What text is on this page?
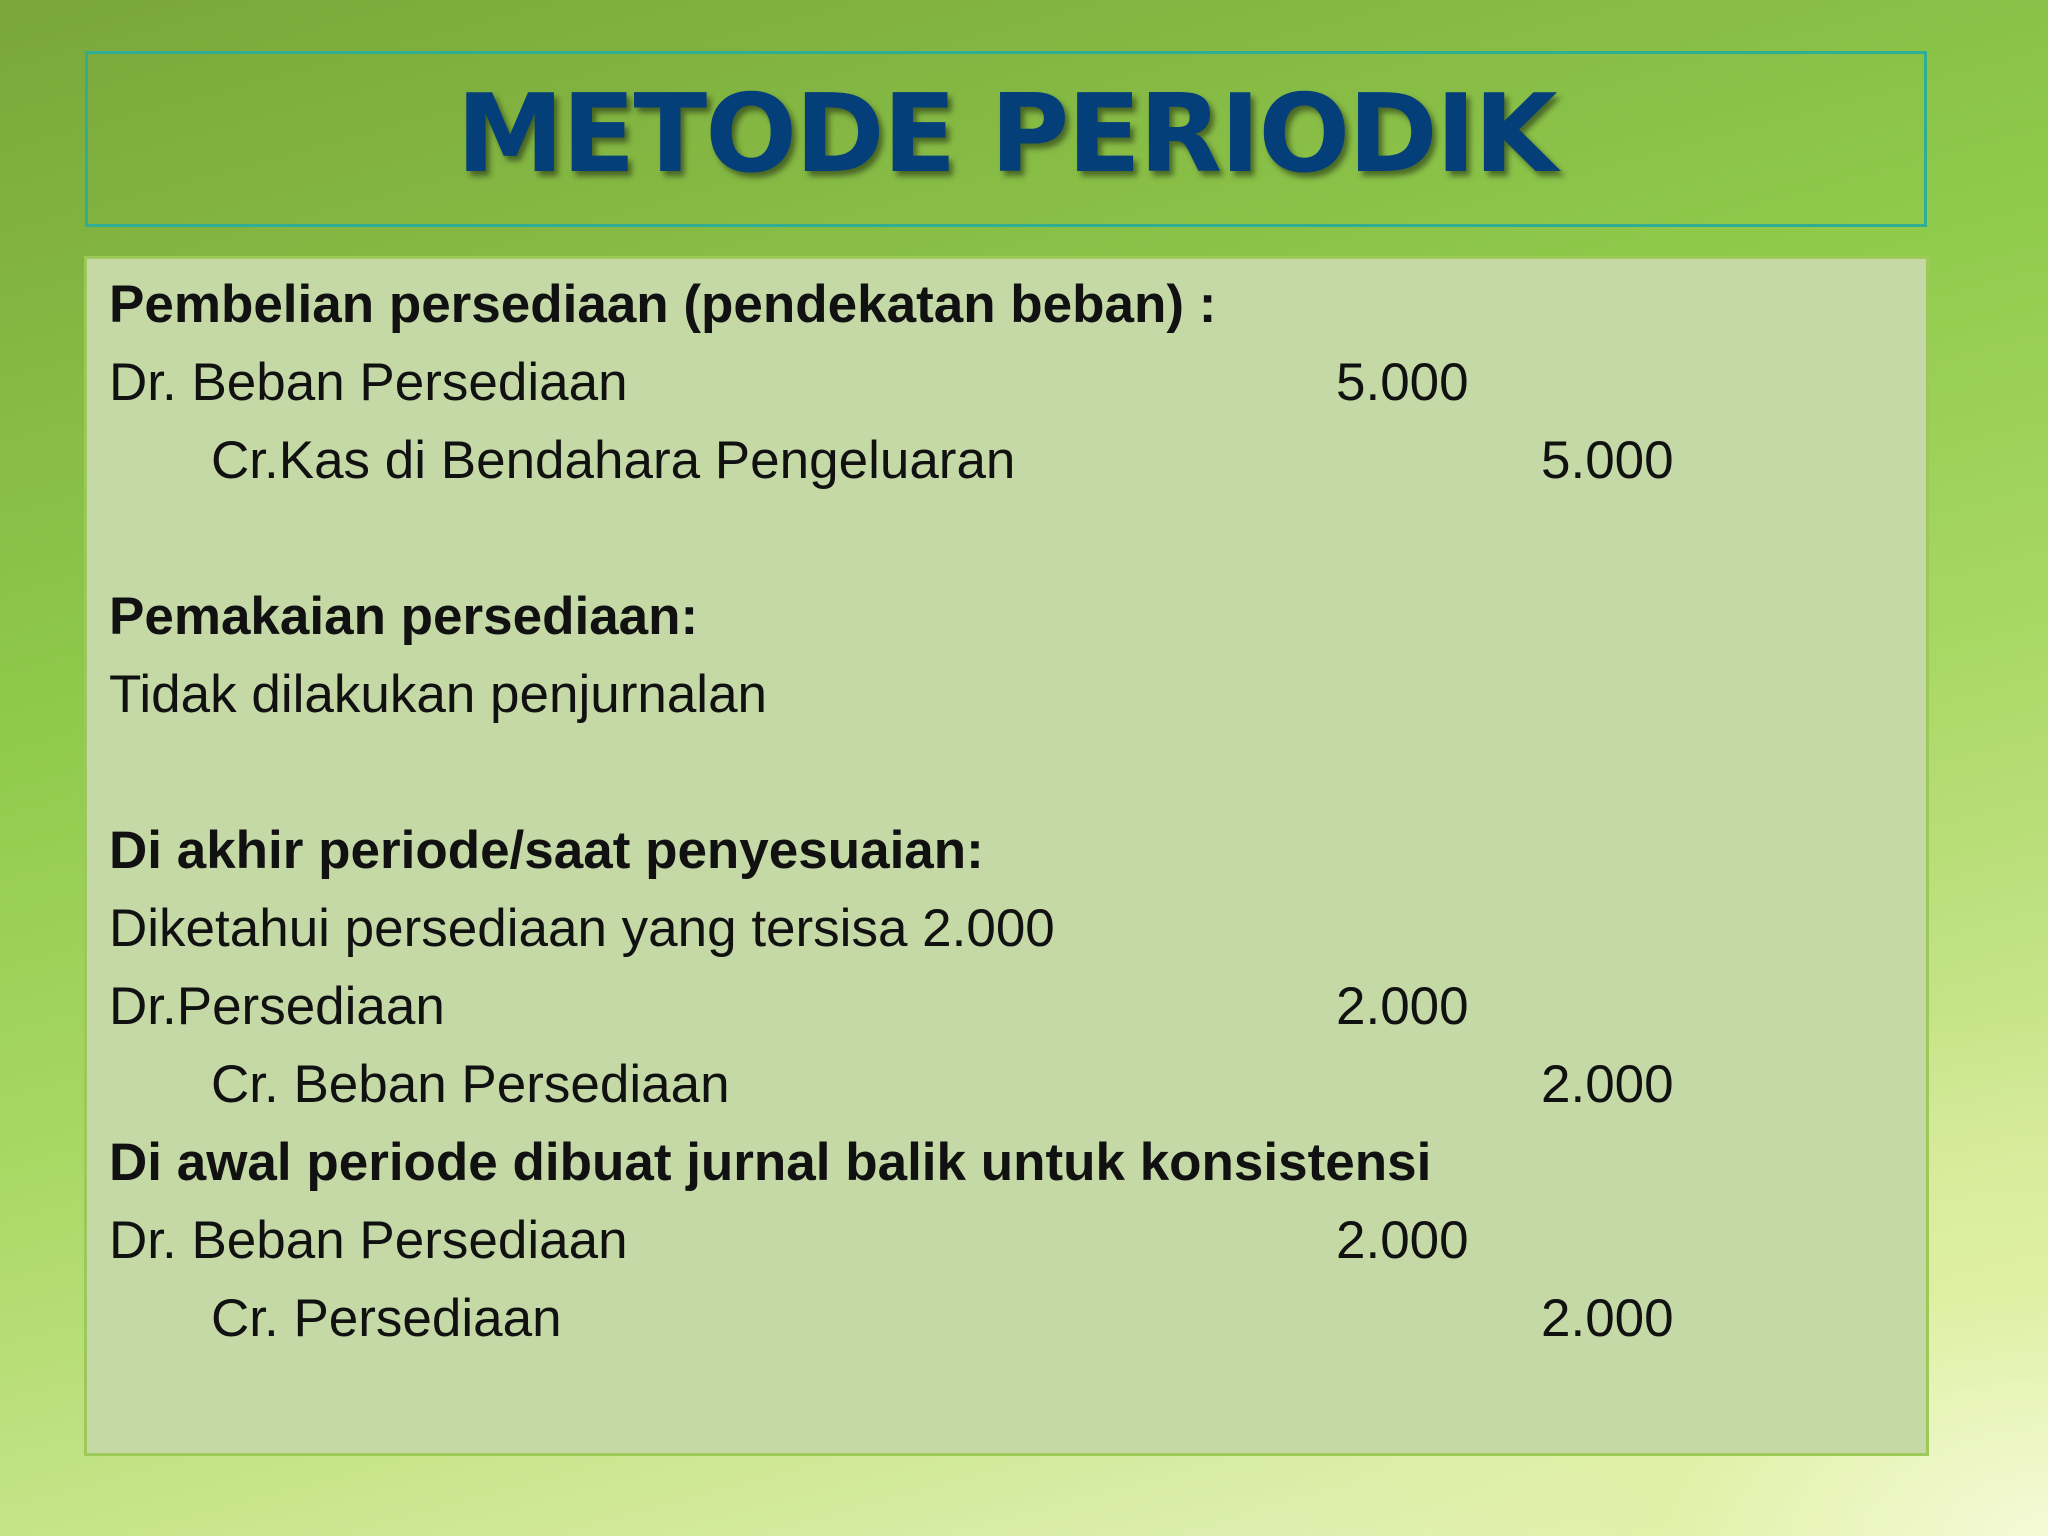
METODE PERIODIK
Pembelian persediaan (pendekatan beban) :
Dr. Beban Persediaan	5.000
Cr.Kas di Bendahara Pengeluaran	5.000
Pemakaian persediaan:
Tidak dilakukan penjurnalan
Di akhir periode/saat penyesuaian:
Diketahui persediaan yang tersisa 2.000
Dr.Persediaan	2.000
Cr. Beban Persediaan	2.000
Di awal periode dibuat jurnal balik untuk konsistensi
Dr. Beban Persediaan	2.000
Cr. Persediaan	2.000
